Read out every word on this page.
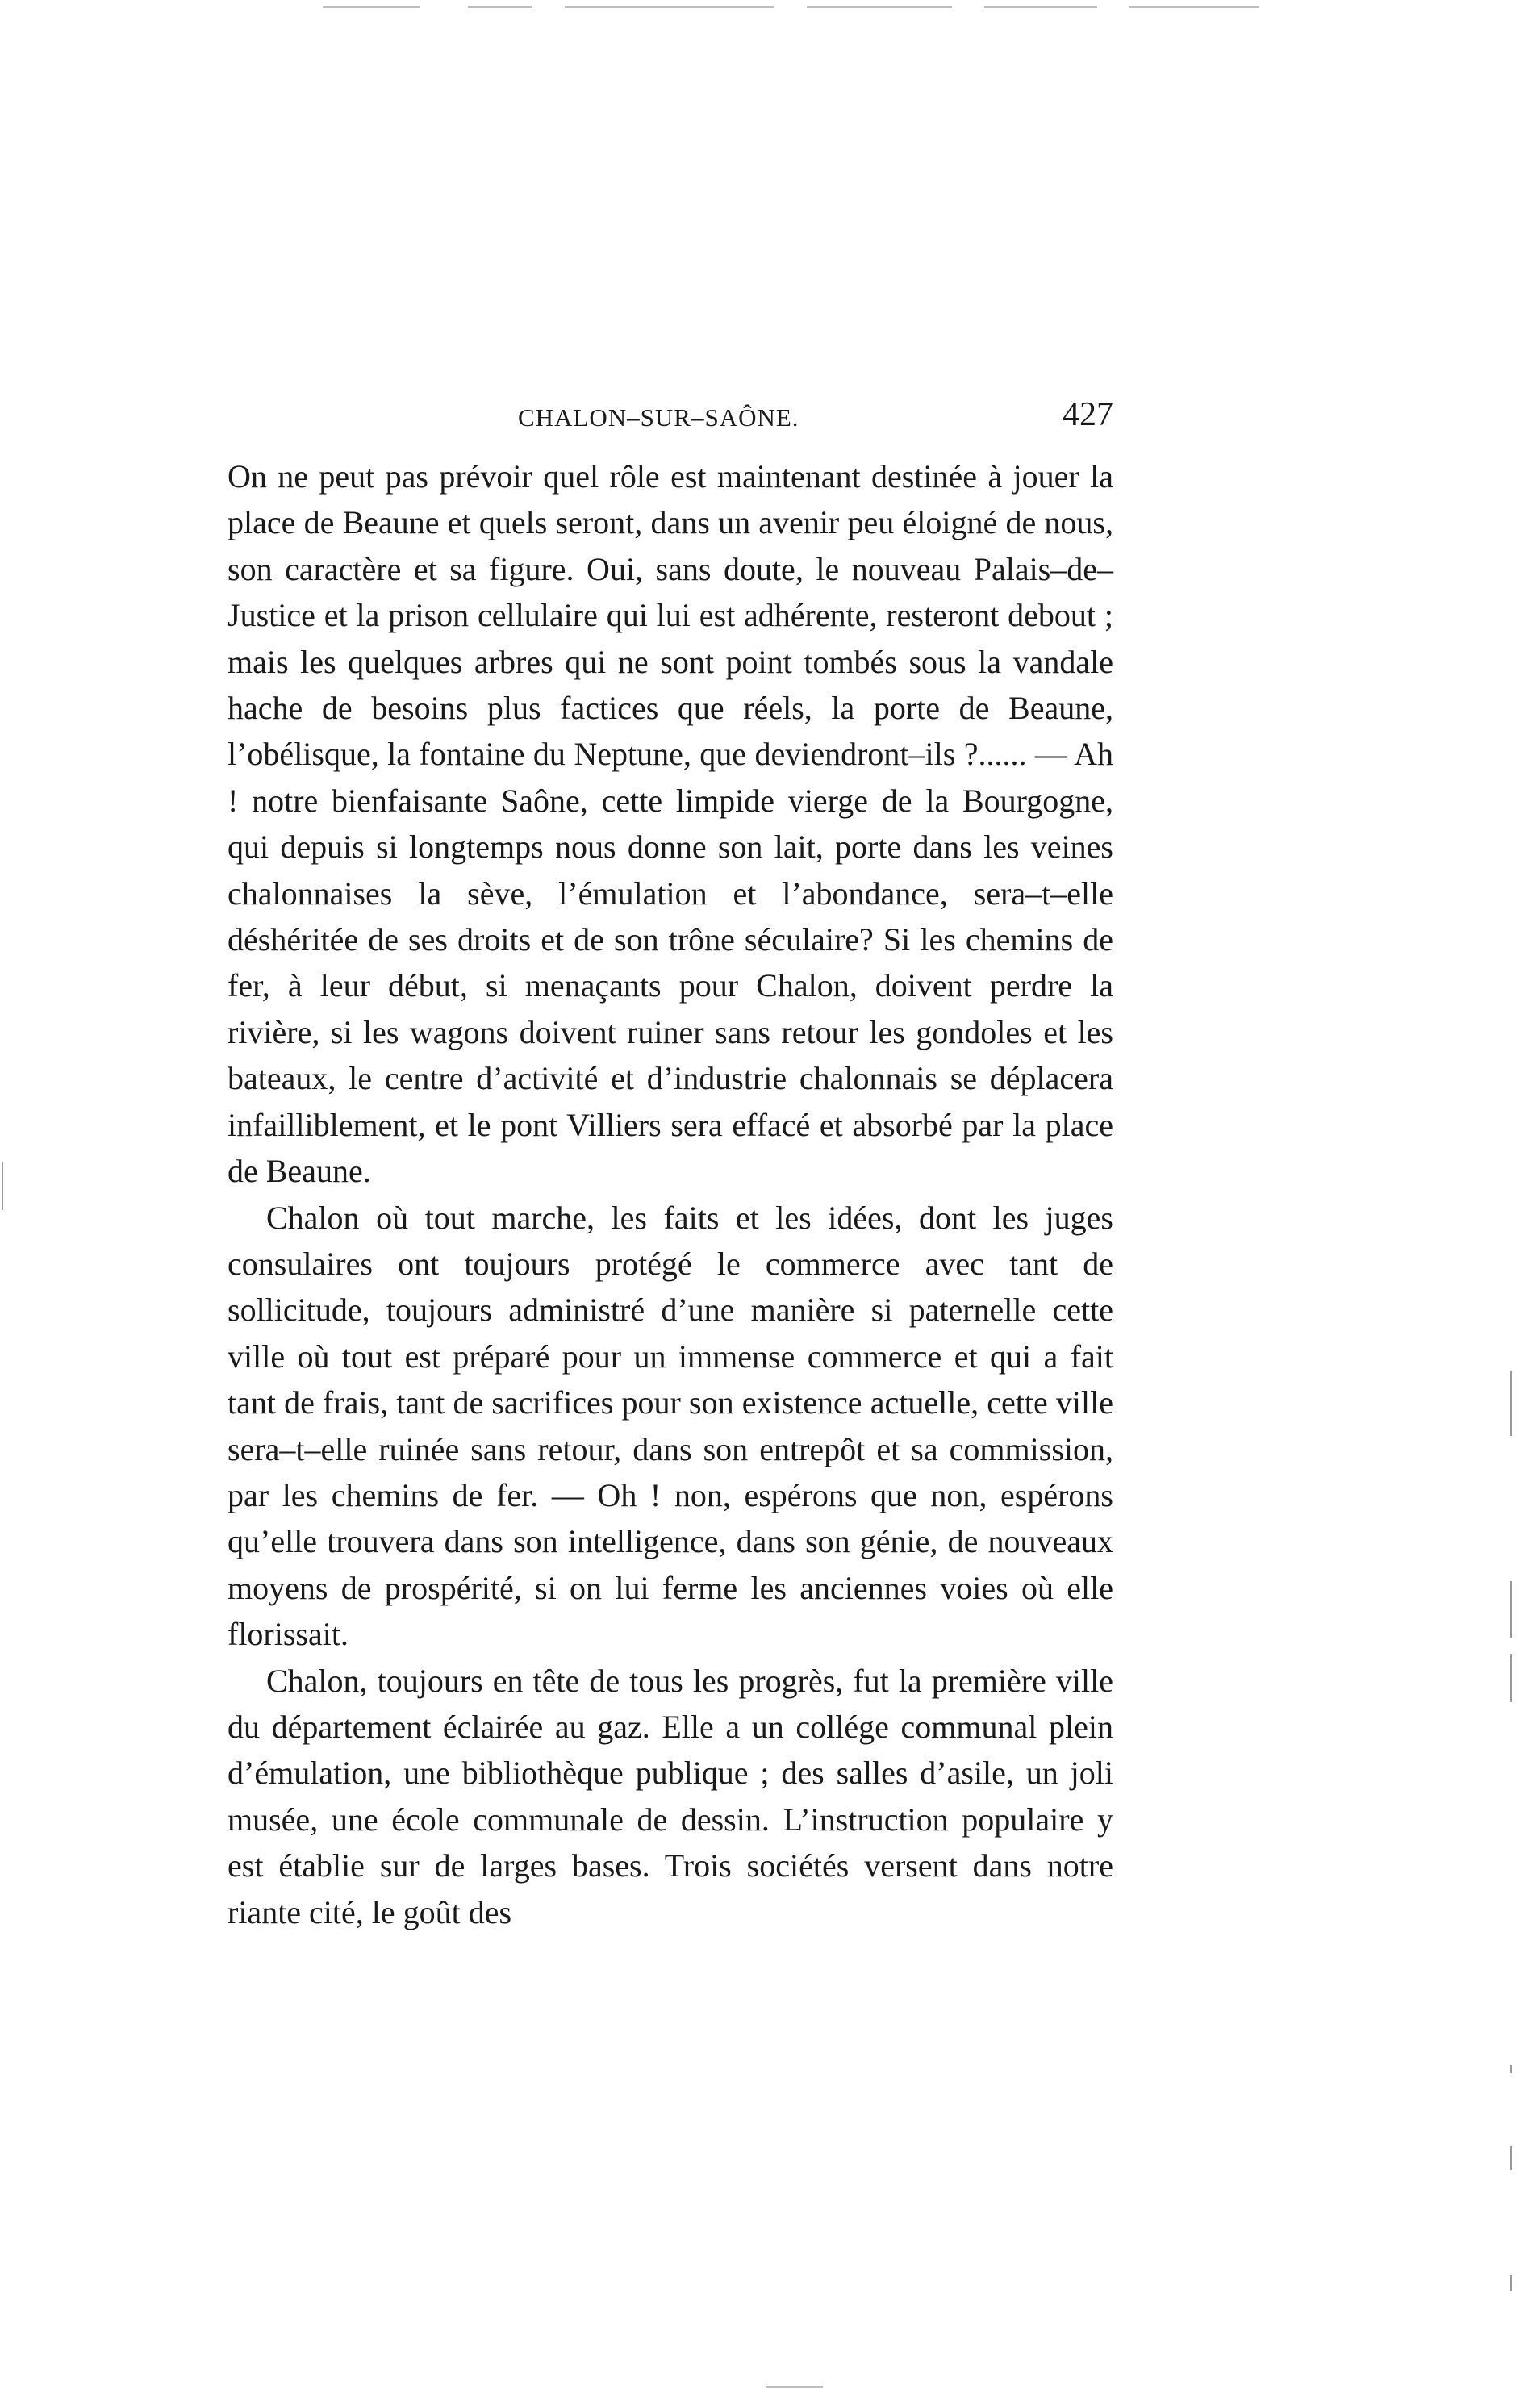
CHALON–SUR–SAÔNE.	427

On ne peut pas prévoir quel rôle est maintenant destinée à jouer la place de Beaune et quels seront, dans un avenir peu éloigné de nous, son caractère et sa figure. Oui, sans doute, le nouveau Palais–de–Justice et la prison cellulaire qui lui est adhérente, resteront debout ; mais les quelques arbres qui ne sont point tombés sous la vandale hache de besoins plus factices que réels, la porte de Beaune, l’obélisque, la fontaine du Neptune, que deviendront–ils ?...... — Ah ! notre bienfaisante Saône, cette limpide vierge de la Bourgogne, qui depuis si longtemps nous donne son lait, porte dans les veines chalonnaises la sève, l’émulation et l’abondance, sera–t–elle déshéritée de ses droits et de son trône séculaire? Si les chemins de fer, à leur début, si menaçants pour Chalon, doivent perdre la rivière, si les wagons doivent ruiner sans retour les gondoles et les bateaux, le centre d’activité et d’industrie chalonnais se déplacera infailliblement, et le pont Villiers sera effacé et absorbé par la place de Beaune.

Chalon où tout marche, les faits et les idées, dont les juges consulaires ont toujours protégé le commerce avec tant de sollicitude, toujours administré d’une manière si paternelle cette ville où tout est préparé pour un immense commerce et qui a fait tant de frais, tant de sacrifices pour son existence actuelle, cette ville sera–t–elle ruinée sans retour, dans son entrepôt et sa commission, par les chemins de fer. — Oh ! non, espérons que non, espérons qu’elle trouvera dans son intelligence, dans son génie, de nouveaux moyens de prospérité, si on lui ferme les anciennes voies où elle florissait.

Chalon, toujours en tête de tous les progrès, fut la première ville du département éclairée au gaz. Elle a un collége communal plein d’émulation, une bibliothèque publique ; des salles d’asile, un joli musée, une école communale de dessin. L’instruction populaire y est établie sur de larges bases. Trois sociétés versent dans notre riante cité, le goût des
